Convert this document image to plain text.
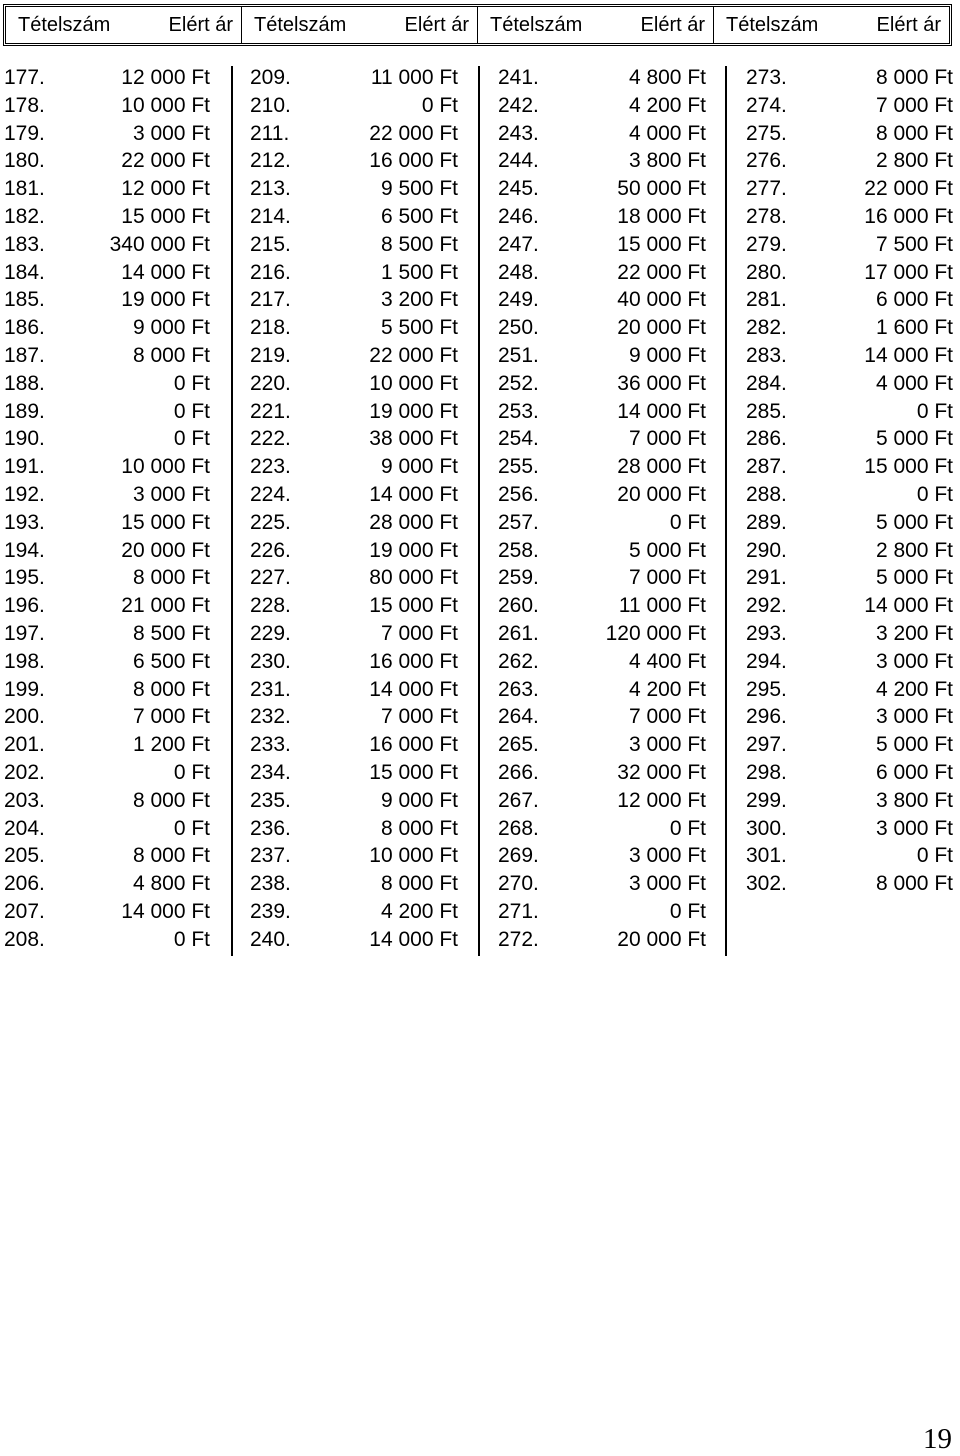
Tételszám	Elért ár Tételszám	Elért ár Tételszám	Elért ár Tételszám	Elért ár
177.	12 000 Ft
178.	10 000 Ft
179.	3 000 Ft
180.	22 000 Ft
181.	12 000 Ft
182.	15 000 Ft
183.	340 000 Ft
184.	14 000 Ft
185.	19 000 Ft
186.	9 000 Ft
187.	8 000 Ft
188.	0 Ft
189.	0 Ft
190.	0 Ft
191.	10 000 Ft
192.	3 000 Ft
193.	15 000 Ft
194.	20 000 Ft
195.	8 000 Ft
196.	21 000 Ft
197.	8 500 Ft
198.	6 500 Ft
199.	8 000 Ft
200.	7 000 Ft
201.	1 200 Ft
202.	0 Ft
203.	8 000 Ft
204.	0 Ft
205.	8 000 Ft
206.	4 800 Ft
207.	14 000 Ft
208.	0 Ft
209.	11 000 Ft
210.	0 Ft
211.	22 000 Ft
212.	16 000 Ft
213.	9 500 Ft
214.	6 500 Ft
215.	8 500 Ft
216.	1 500 Ft
217.	3 200 Ft
218.	5 500 Ft
219.	22 000 Ft
220.	10 000 Ft
221.	19 000 Ft
222.	38 000 Ft
223.	9 000 Ft
224.	14 000 Ft
225.	28 000 Ft
226.	19 000 Ft
227.	80 000 Ft
228.	15 000 Ft
229.	7 000 Ft
230.	16 000 Ft
231.	14 000 Ft
232.	7 000 Ft
233.	16 000 Ft
234.	15 000 Ft
235.	9 000 Ft
236.	8 000 Ft
237.	10 000 Ft
238.	8 000 Ft
239.	4 200 Ft
240.	14 000 Ft
241.	4 800 Ft
242.	4 200 Ft
243.	4 000 Ft
244.	3 800 Ft
245.	50 000 Ft
246.	18 000 Ft
247.	15 000 Ft
248.	22 000 Ft
249.	40 000 Ft
250.	20 000 Ft
251.	9 000 Ft
252.	36 000 Ft
253.	14 000 Ft
254.	7 000 Ft
255.	28 000 Ft
256.	20 000 Ft
257.	0 Ft
258.	5 000 Ft
259.	7 000 Ft
260.	11 000 Ft
261.	120 000 Ft
262.	4 400 Ft
263.	4 200 Ft
264.	7 000 Ft
265.	3 000 Ft
266.	32 000 Ft
267.	12 000 Ft
268.	0 Ft
269.	3 000 Ft
270.	3 000 Ft
271.	0 Ft
272.	20 000 Ft
273.	8 000 Ft
274.	7 000 Ft
275.	8 000 Ft
276.	2 800 Ft
277.	22 000 Ft
278.	16 000 Ft
279.	7 500 Ft
280.	17 000 Ft
281.	6 000 Ft
282.	1 600 Ft
283.	14 000 Ft
284.	4 000 Ft
285.	0 Ft
286.	5 000 Ft
287.	15 000 Ft
288.	0 Ft
289.	5 000 Ft
290.	2 800 Ft
291.	5 000 Ft
292.	14 000 Ft
293.	3 200 Ft
294.	3 000 Ft
295.	4 200 Ft
296.	3 000 Ft
297.	5 000 Ft
298.	6 000 Ft
299.	3 800 Ft
300.	3 000 Ft
301.	0 Ft
302.	8 000 Ft
19
